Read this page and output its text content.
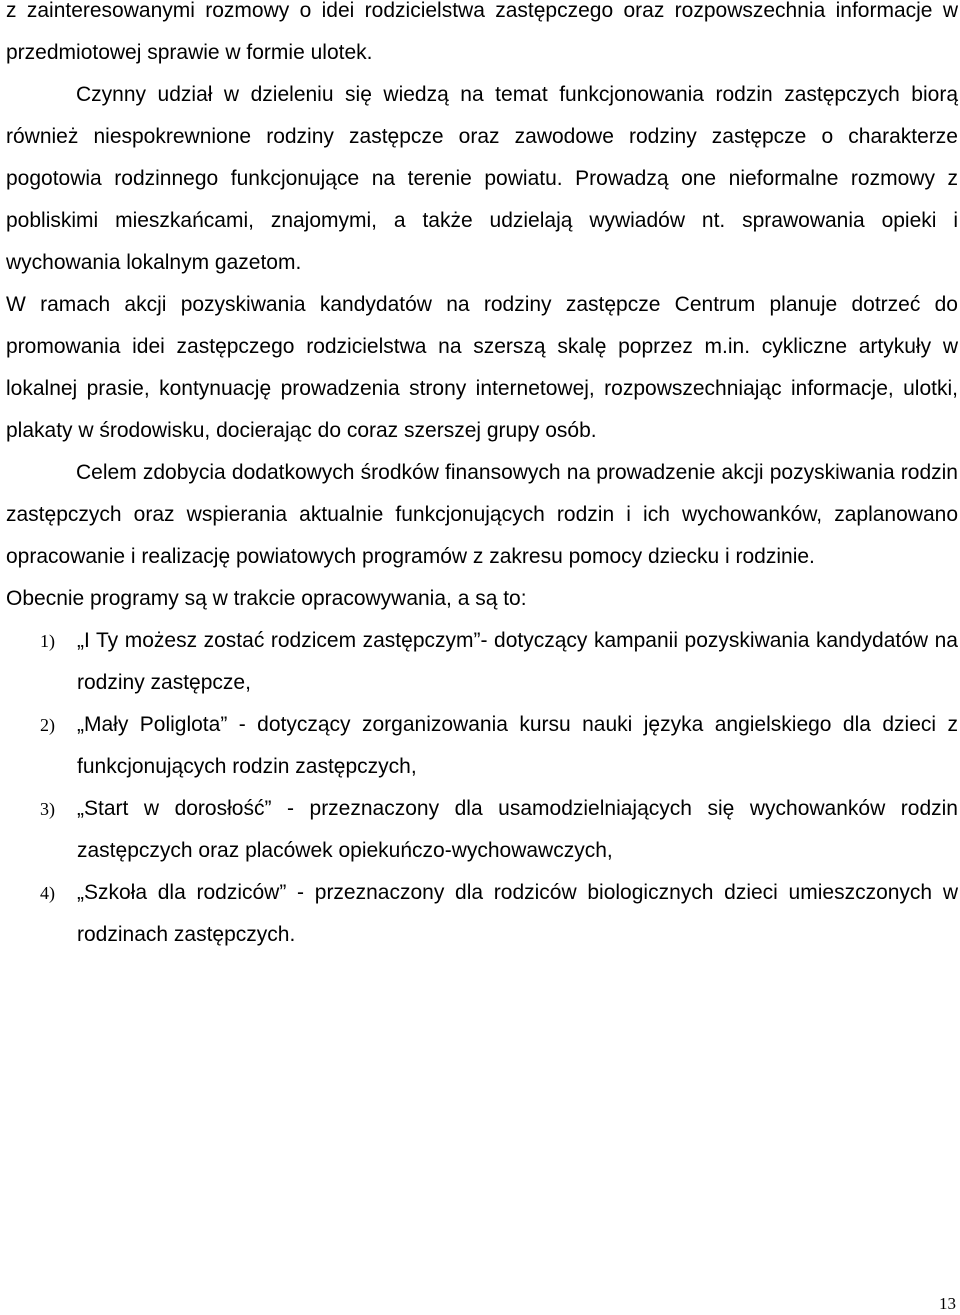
z zainteresowanymi rozmowy o idei rodzicielstwa zastępczego oraz rozpowszechnia informacje w przedmiotowej sprawie w formie ulotek.

Czynny udział w dzieleniu się wiedzą na temat funkcjonowania rodzin zastępczych biorą również niespokrewnione rodziny zastępcze oraz zawodowe rodziny zastępcze o charakterze pogotowia rodzinnego funkcjonujące na terenie powiatu. Prowadzą one nieformalne rozmowy z pobliskimi mieszkańcami, znajomymi, a także udzielają wywiadów nt. sprawowania opieki i wychowania lokalnym gazetom.

W ramach akcji pozyskiwania kandydatów na rodziny zastępcze Centrum planuje dotrzeć do promowania idei zastępczego rodzicielstwa na szerszą skalę poprzez m.in. cykliczne artykuły w lokalnej prasie, kontynuację prowadzenia strony internetowej, rozpowszechniając informacje, ulotki, plakaty w środowisku, docierając do coraz szerszej grupy osób.

Celem zdobycia dodatkowych środków finansowych na prowadzenie akcji pozyskiwania rodzin zastępczych oraz wspierania aktualnie funkcjonujących rodzin i ich wychowanków, zaplanowano opracowanie i realizację powiatowych programów z zakresu pomocy dziecku i rodzinie.

Obecnie programy są w trakcie opracowywania, a są to:

1) „I Ty możesz zostać rodzicem zastępczym”- dotyczący kampanii pozyskiwania kandydatów na rodziny zastępcze,
2) „Mały Poliglota” - dotyczący zorganizowania kursu nauki języka angielskiego dla dzieci z funkcjonujących rodzin zastępczych,
3) „Start w dorosłość” - przeznaczony dla usamodzielniających się wychowanków rodzin zastępczych oraz placówek opiekuńczo-wychowawczych,
4) „Szkoła dla rodziców” - przeznaczony dla rodziców biologicznych dzieci umieszczonych w rodzinach zastępczych.
13
